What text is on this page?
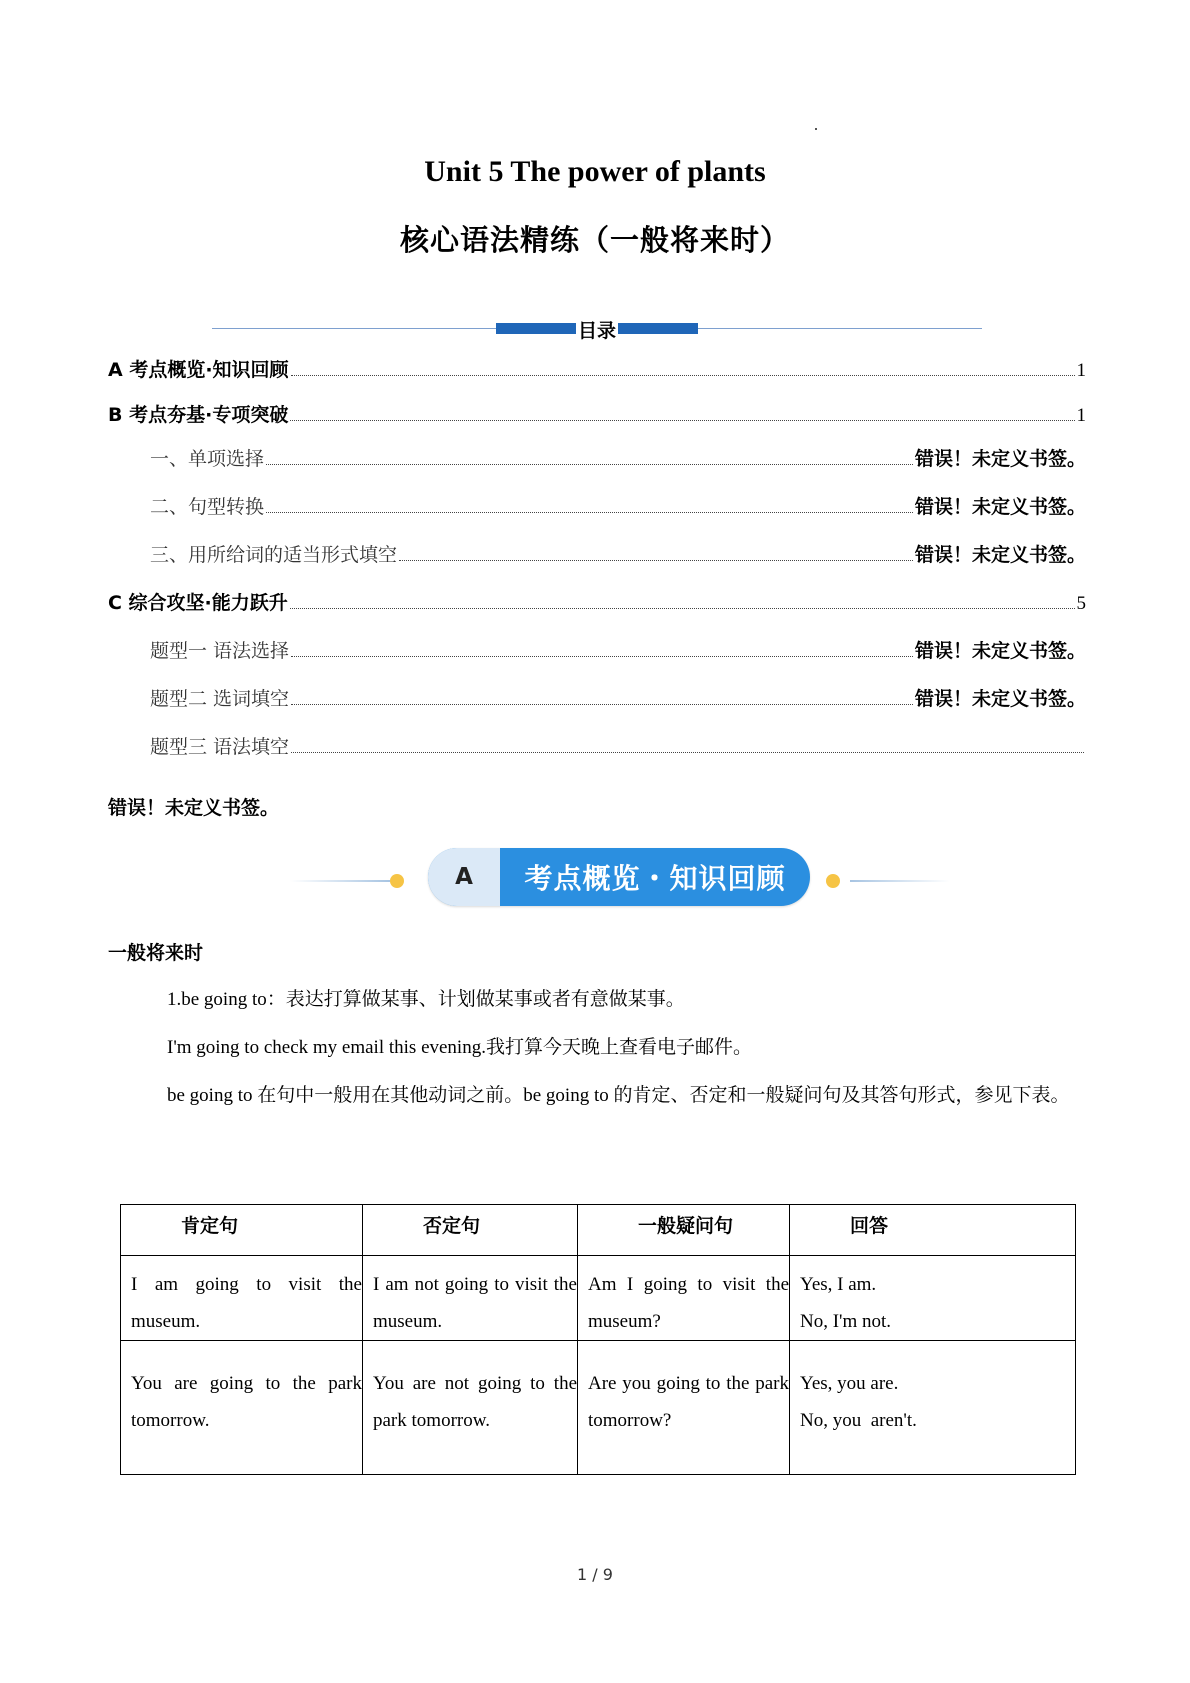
Unit 5 The power of plants
核心语法精练（一般将来时）
目录
A 考点概览·知识回顾	1
B 考点夯基·专项突破	1
一、单项选择	错误！未定义书签。
二、句型转换	错误！未定义书签。
三、用所给词的适当形式填空	错误！未定义书签。
C 综合攻坚·能力跃升	5
题型一 语法选择	错误！未定义书签。
题型二 选词填空	错误！未定义书签。
题型三 语法填空
错误！未定义书签。
A	考点概览・知识回顾
一般将来时
1.be going to：表达打算做某事、计划做某事或者有意做某事。
I'm going to check my email this evening.我打算今天晚上查看电子邮件。
be going to 在句中一般用在其他动词之前。be going to 的肯定、否定和一般疑问句及其答句形式，参见下表。
肯定句	否定句	一般疑问句	回答
I am going to visit the museum.	I am not going to visit the museum.	Am I going to visit the museum?	Yes, I am.
No, I'm not.
You are going to the park tomorrow.	You are not going to the park tomorrow.	Are you going to the park tomorrow?	Yes, you are.
No, you  aren't.
1 / 9
